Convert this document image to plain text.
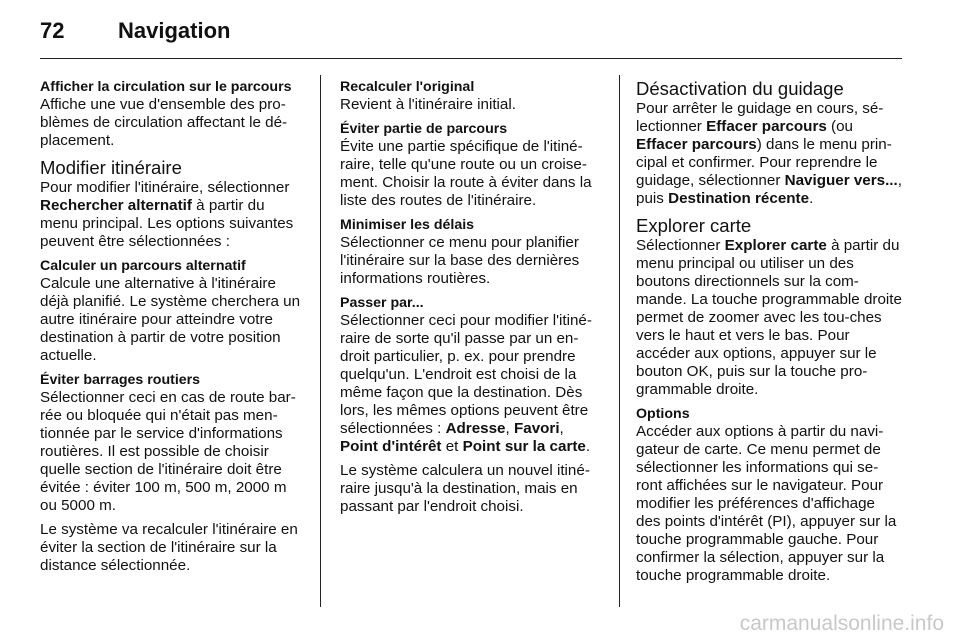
72 Navigation
Afficher la circulation sur le parcours

Affiche une vue d'ensemble des pro-blèmes de circulation affectant le dé-placement.

Modifier itinéraire

Pour modifier l'itinéraire, sélectionner Rechercher alternatif à partir du menu principal. Les options suivantes peuvent être sélectionnées :

Calculer un parcours alternatif

Calcule une alternative à l'itinéraire déjà planifié. Le système cherchera un autre itinéraire pour atteindre votre destination à partir de votre position actuelle.

Éviter barrages routiers

Sélectionner ceci en cas de route bar-rée ou bloquée qui n'était pas men-tionnée par le service d'informations routières. Il est possible de choisir quelle section de l'itinéraire doit être évitée : éviter 100 m, 500 m, 2000 m ou 5000 m.

Le système va recalculer l'itinéraire en éviter la section de l'itinéraire sur la distance sélectionnée.

Recalculer l'original

Revient à l'itinéraire initial.

Éviter partie de parcours

Évite une partie spécifique de l'itiné-raire, telle qu'une route ou un croise-ment. Choisir la route à éviter dans la liste des routes de l'itinéraire.

Minimiser les délais

Sélectionner ce menu pour planifier l'itinéraire sur la base des dernières informations routières.

Passer par...

Sélectionner ceci pour modifier l'itiné-raire de sorte qu'il passe par un en-droit particulier, p. ex. pour prendre quelqu'un. L'endroit est choisi de la même façon que la destination. Dès lors, les mêmes options peuvent être sélectionnées : Adresse, Favori, Point d'intérêt et Point sur la carte.

Le système calculera un nouvel itiné-raire jusqu'à la destination, mais en passant par l'endroit choisi.

Désactivation du guidage

Pour arrêter le guidage en cours, sé-lectionner Effacer parcours (ou Effacer parcours) dans le menu prin-cipal et confirmer. Pour reprendre le guidage, sélectionner Naviguer vers..., puis Destination récente.

Explorer carte

Sélectionner Explorer carte à partir du menu principal ou utiliser un des boutons directionnels sur la com-mande. La touche programmable droite permet de zoomer avec les tou-ches vers le haut et vers le bas. Pour accéder aux options, appuyer sur le bouton OK, puis sur la touche pro-grammable droite.

Options

Accéder aux options à partir du navi-gateur de carte. Ce menu permet de sélectionner les informations qui se-ront affichées sur le navigateur. Pour modifier les préférences d'affichage des points d'intérêt (PI), appuyer sur la touche programmable gauche. Pour confirmer la sélection, appuyer sur la touche programmable droite.

carmanualsonline.info
